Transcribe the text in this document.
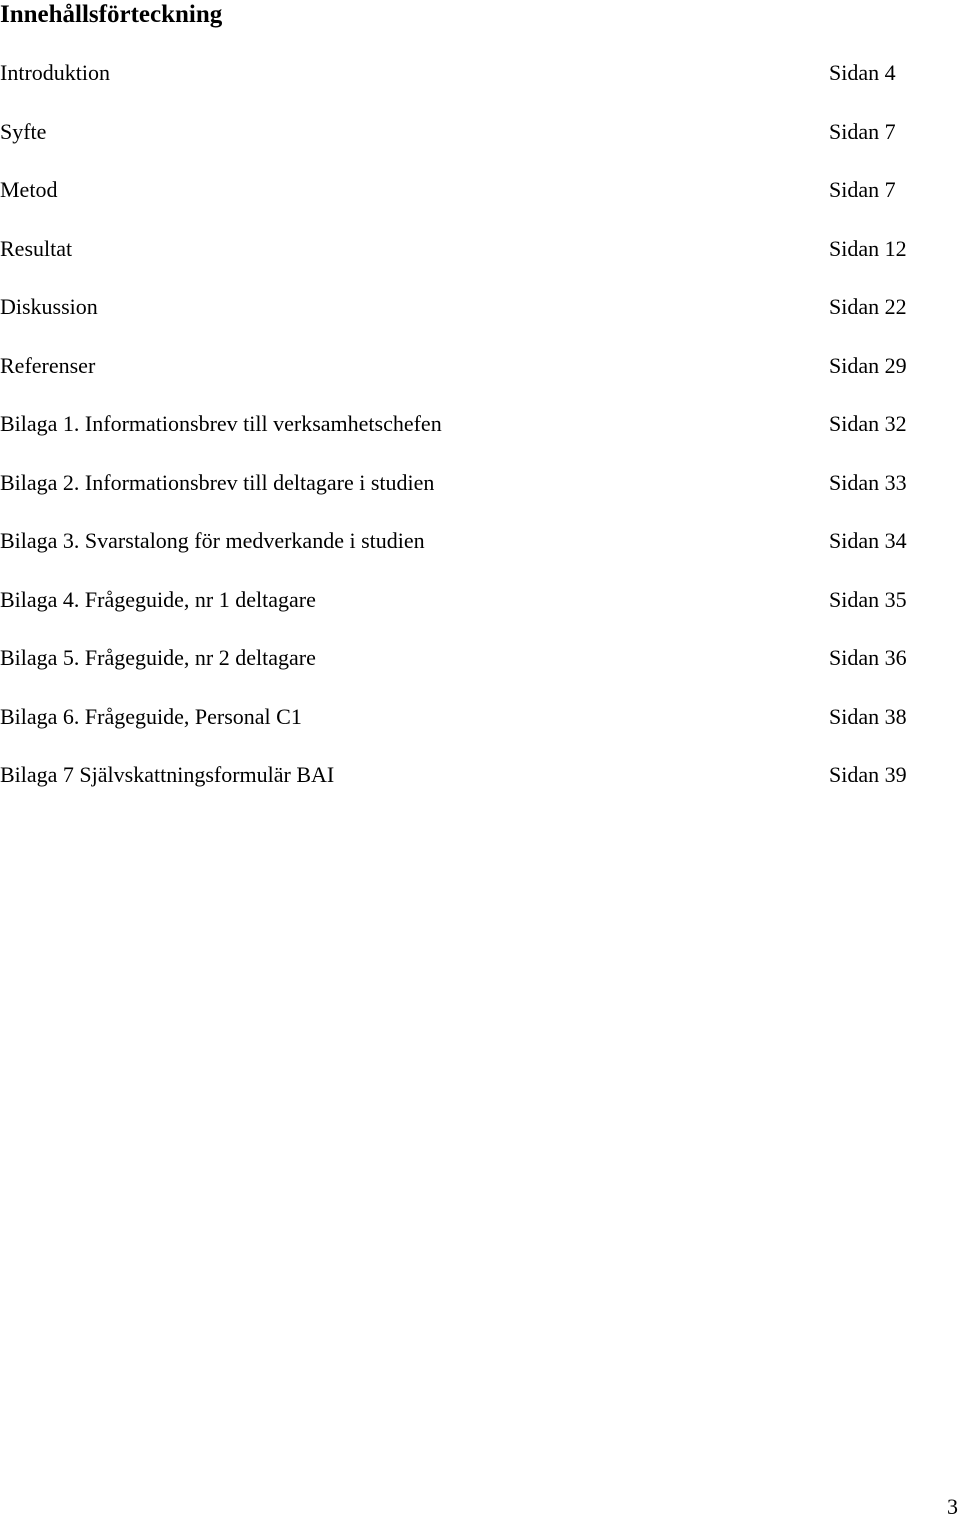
Innehållsförteckning
Introduktion	Sidan 4
Syfte	Sidan 7
Metod	Sidan 7
Resultat	Sidan 12
Diskussion	Sidan 22
Referenser	Sidan 29
Bilaga 1. Informationsbrev till verksamhetschefen	Sidan 32
Bilaga 2. Informationsbrev till deltagare i studien	Sidan 33
Bilaga 3. Svarstalong för medverkande i studien	Sidan 34
Bilaga 4. Frågeguide, nr 1 deltagare	Sidan 35
Bilaga 5. Frågeguide, nr 2 deltagare	Sidan 36
Bilaga 6. Frågeguide, Personal C1	Sidan 38
Bilaga 7 Självskattningsformulär BAI	Sidan 39
3
